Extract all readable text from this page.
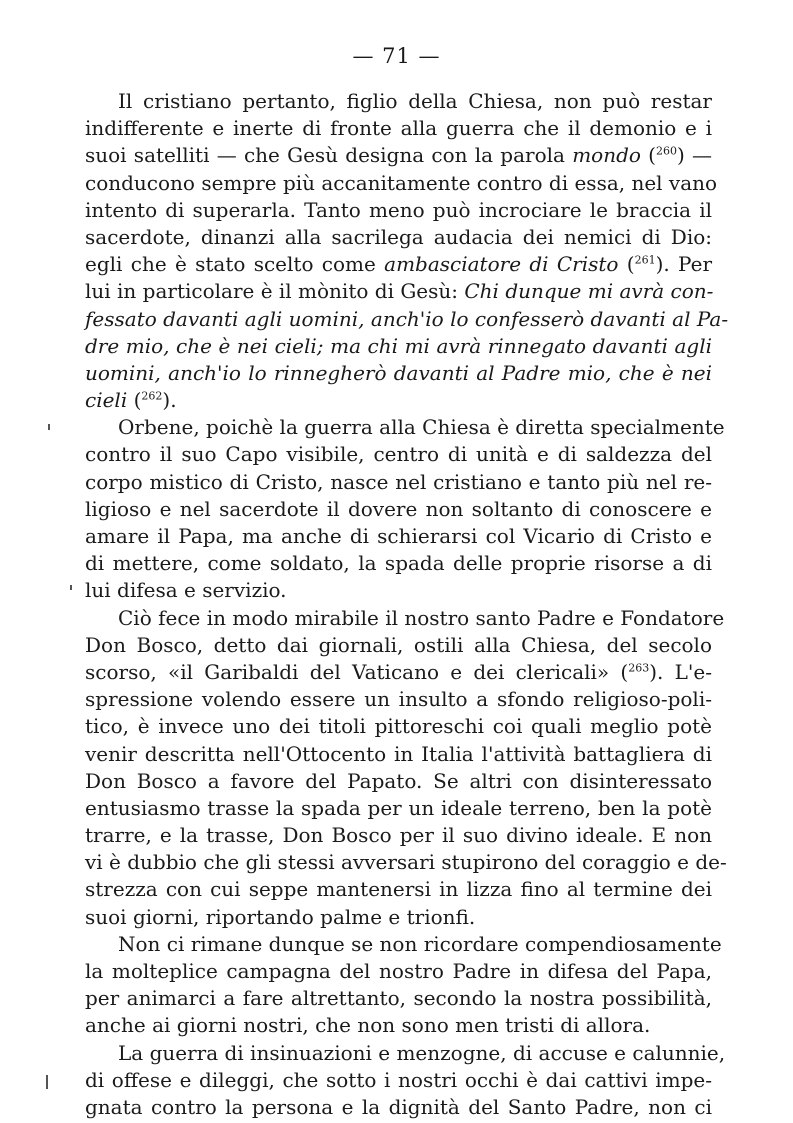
— 71 —
Il cristiano pertanto, figlio della Chiesa, non può restar
indifferente e inerte di fronte alla guerra che il demonio e i
suoi satelliti — che Gesù designa con la parola mondo ($^{260}$) —
conducono sempre più accanitamente contro di essa, nel vano
intento di superarla. Tanto meno può incrociare le braccia il
sacerdote, dinanzi alla sacrilega audacia dei nemici di Dio:
egli che è stato scelto come ambasciatore di Cristo ($^{261}$). Per
lui in particolare è il mònito di Gesù: Chi dunque mi avrà con-
fessato davanti agli uomini, anch'io lo confesserò davanti al Pa-
dre mio, che è nei cieli; ma chi mi avrà rinnegato davanti agli
uomini, anch'io lo rinnegherò davanti al Padre mio, che è nei
cieli ($^{262}$).
Orbene, poichè la guerra alla Chiesa è diretta specialmente
contro il suo Capo visibile, centro di unità e di saldezza del
corpo mistico di Cristo, nasce nel cristiano e tanto più nel re-
ligioso e nel sacerdote il dovere non soltanto di conoscere e
amare il Papa, ma anche di schierarsi col Vicario di Cristo e
di mettere, come soldato, la spada delle proprie risorse a di
lui difesa e servizio.
Ciò fece in modo mirabile il nostro santo Padre e Fondatore
Don Bosco, detto dai giornali, ostili alla Chiesa, del secolo
scorso, «il Garibaldi del Vaticano e dei clericali» ($^{263}$). L'e-
spressione volendo essere un insulto a sfondo religioso-poli-
tico, è invece uno dei titoli pittoreschi coi quali meglio potè
venir descritta nell'Ottocento in Italia l'attività battagliera di
Don Bosco a favore del Papato. Se altri con disinteressato
entusiasmo trasse la spada per un ideale terreno, ben la potè
trarre, e la trasse, Don Bosco per il suo divino ideale. E non
vi è dubbio che gli stessi avversari stupirono del coraggio e de-
strezza con cui seppe mantenersi in lizza fino al termine dei
suoi giorni, riportando palme e trionfi.
Non ci rimane dunque se non ricordare compendiosamente
la molteplice campagna del nostro Padre in difesa del Papa,
per animarci a fare altrettanto, secondo la nostra possibilità,
anche ai giorni nostri, che non sono men tristi di allora.
La guerra di insinuazioni e menzogne, di accuse e calunnie,
di offese e dileggi, che sotto i nostri occhi è dai cattivi impe-
gnata contro la persona e la dignità del Santo Padre, non ci
